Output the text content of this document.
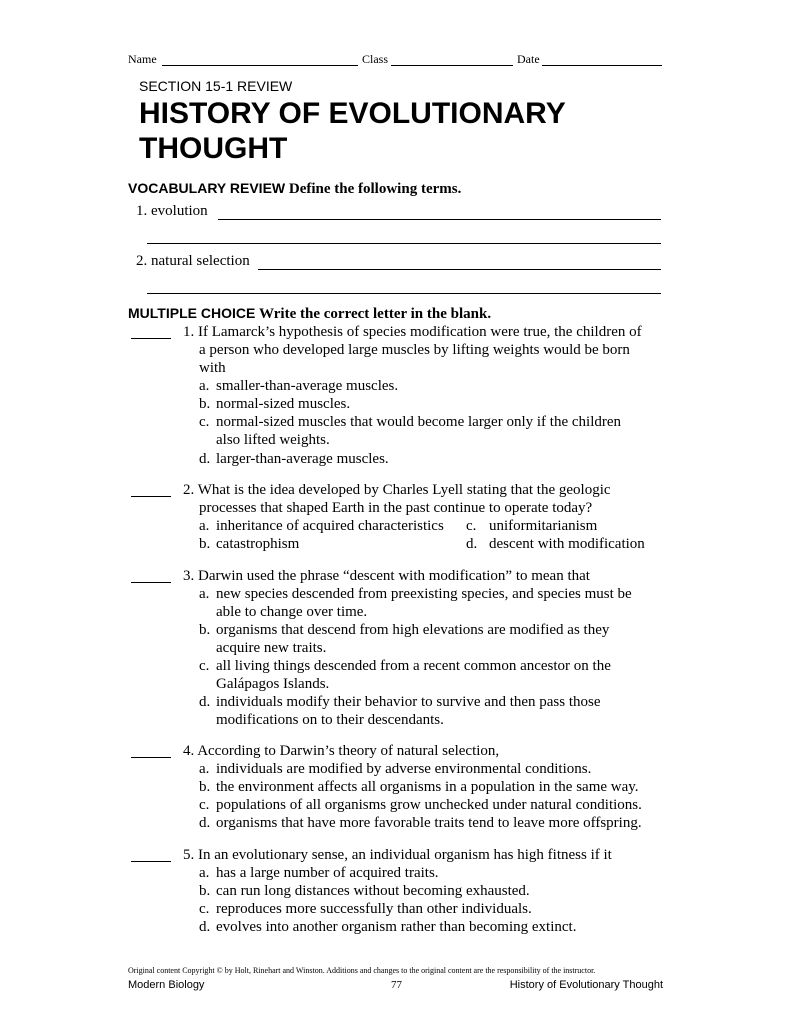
Name	Class	Date
SECTION 15-1 REVIEW
HISTORY OF EVOLUTIONARY
THOUGHT
VOCABULARY REVIEW Define the following terms.
1. evolution
2. natural selection
MULTIPLE CHOICE Write the correct letter in the blank.
1. If Lamarck’s hypothesis of species modification were true, the children of
a person who developed large muscles by lifting weights would be born
with
a. smaller-than-average muscles.
b. normal-sized muscles.
c. normal-sized muscles that would become larger only if the children
also lifted weights.
d. larger-than-average muscles.
2. What is the idea developed by Charles Lyell stating that the geologic
processes that shaped Earth in the past continue to operate today?
a. inheritance of acquired characteristics c. uniformitarianism
b. catastrophism	d. descent with modification
3. Darwin used the phrase “descent with modification” to mean that
a. new species descended from preexisting species, and species must be
able to change over time.
b. organisms that descend from high elevations are modified as they
acquire new traits.
c. all living things descended from a recent common ancestor on the
Galápagos Islands.
d. individuals modify their behavior to survive and then pass those
modifications on to their descendants.
4. According to Darwin’s theory of natural selection,
a. individuals are modified by adverse environmental conditions.
b. the environment affects all organisms in a population in the same way.
c. populations of all organisms grow unchecked under natural conditions.
d. organisms that have more favorable traits tend to leave more offspring.
5. In an evolutionary sense, an individual organism has high fitness if it
a. has a large number of acquired traits.
b. can run long distances without becoming exhausted.
c. reproduces more successfully than other individuals.
d. evolves into another organism rather than becoming extinct.
Original content Copyright © by Holt, Rinehart and Winston. Additions and changes to the original content are the responsibility of the instructor.
Modern Biology	77	History of Evolutionary Thought
